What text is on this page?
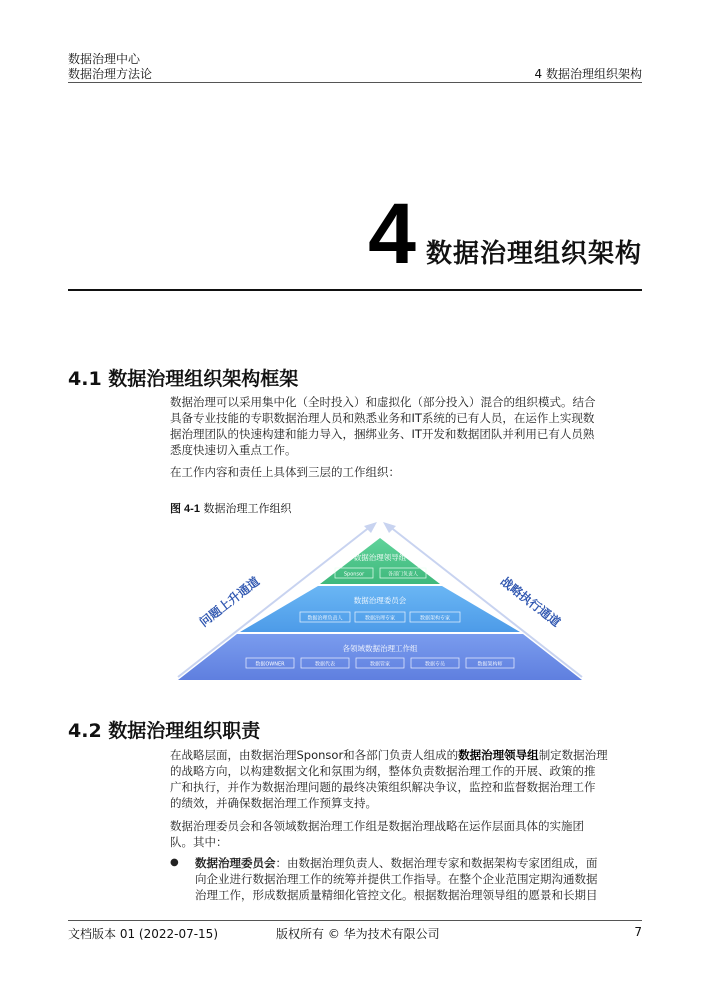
数据治理中心
数据治理方法论	4 数据治理组织架构
4 数据治理组织架构
4.1 数据治理组织架构框架
数据治理可以采用集中化（全时投入）和虚拟化（部分投入）混合的组织模式。结合
具备专业技能的专职数据治理人员和熟悉业务和IT系统的已有人员，在运作上实现数
据治理团队的快速构建和能力导入，捆绑业务、IT开发和数据团队并利用已有人员熟
悉度快速切入重点工作。
在工作内容和责任上具体到三层的工作组织：
图 4-1 数据治理工作组织
数据治理领导组
数据治理委员会
各领域数据治理工作组
Sponsor	各部门负责人
数据治理负责人	数据治理专家	数据架构专家
数据OWNER	数据代表	数据管家	数据专员	数据架构师
问题上升通道	战略执行通道
4.2 数据治理组织职责
在战略层面，由数据治理Sponsor和各部门负责人组成的数据治理领导组制定数据治理
的战略方向，以构建数据文化和氛围为纲，整体负责数据治理工作的开展、政策的推
广和执行，并作为数据治理问题的最终决策组织解决争议，监控和监督数据治理工作
的绩效，并确保数据治理工作预算支持。
数据治理委员会和各领域数据治理工作组是数据治理战略在运作层面具体的实施团
队。其中：
● 数据治理委员会：由数据治理负责人、数据治理专家和数据架构专家团组成，面
向企业进行数据治理工作的统筹并提供工作指导。在整个企业范围定期沟通数据
治理工作，形成数据质量精细化管控文化。根据数据治理领导组的愿景和长期目
文档版本 01 (2022-07-15)	版权所有 © 华为技术有限公司	7
